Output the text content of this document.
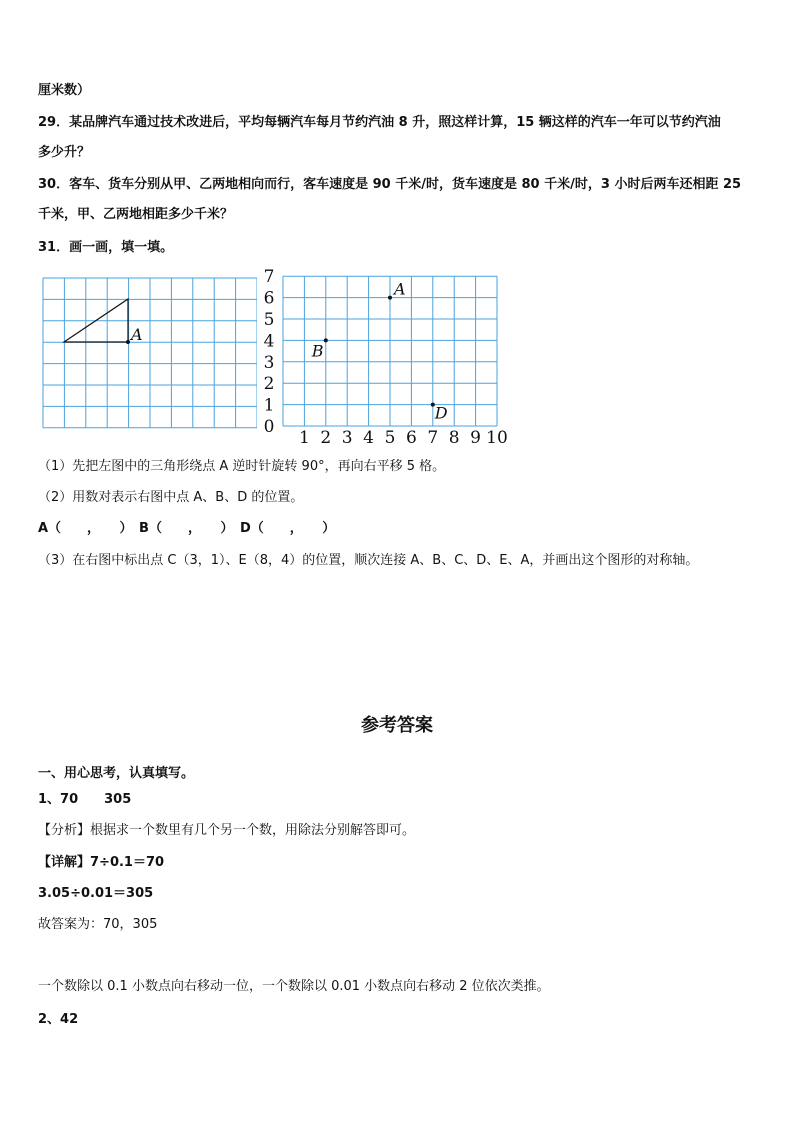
厘米数）
29．某品牌汽车通过技术改进后，平均每辆汽车每月节约汽油 8 升，照这样计算，15 辆这样的汽车一年可以节约汽油
多少升？
30．客车、货车分别从甲、乙两地相向而行，客车速度是 90 千米/时，货车速度是 80 千米/时，3 小时后两车还相距 25
千米，甲、乙两地相距多少千米？
31．画一画，填一填。
A
0
1
2
3
4
5
6
7
1 2 3 4 5 6 7 8 9 10
A
B
D
（1）先把左图中的三角形绕点 A 逆时针旋转 90°，再向右平移 5 格。
（2）用数对表示右图中点 A、B、D 的位置。
A（　　，　　）　B（　　，　　）　D（　　，　　）
（3）在右图中标出点 C（3，1）、E（8，4）的位置，顺次连接 A、B、C、D、E、A，并画出这个图形的对称轴。
参考答案
一、用心思考，认真填写。
1、70　　305
【分析】根据求一个数里有几个另一个数，用除法分别解答即可。
【详解】7÷0.1＝70
3.05÷0.01＝305
故答案为：70，305
一个数除以 0.1 小数点向右移动一位，一个数除以 0.01 小数点向右移动 2 位依次类推。
2、42
